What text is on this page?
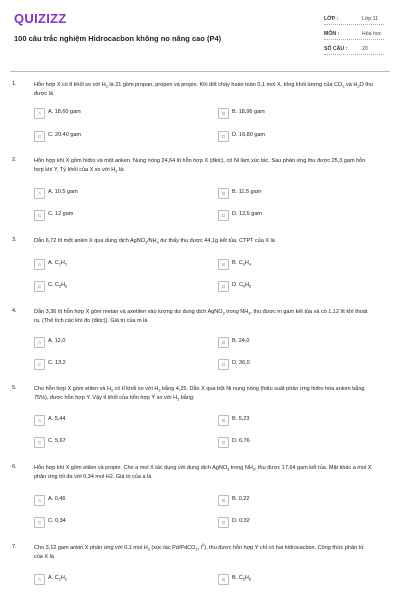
QUIZIZZ
100 câu trắc nghiệm Hidrocacbon không no nâng cao (P4)
LỚP :	Lớp 11
MÔN :	Hóa học
SỐ CÂU :	20
1.	Hỗn hợp X có tỉ khối so với $H_2$ là 21 gồm propan, propen và propin. Khi đốt cháy hoàn toàn 0,1 mol X, tổng khối lượng của $CO_2$ và $H_2O$ thu được là
A	A. 18,60 gam	B	B. 18,96 gam
C	C. 20,40 gam	D	D. 16,80 gam
2.	Hỗn hợp khí X gồm hiđro và một anken. Nung nóng 24,64 lít hỗn hợp X (đktc), có Ni làm xúc tác. Sau phản ứng thu được 25,3 gam hỗn hợp khí Y. Tỷ khối của X so với $H_2$ là:
A	A. 10,5 gam	B	B. 11,5 gam
C	C. 12 gam	D	D. 12,5 gam
3.	Dẫn 6,72 lít một ankin X qua dung dịch $AgNO_3/NH_3$ dư thấy thu được 44,1g kết tủa. CTPT của X là
A	A. $C_2H_2$	B	B. $C_3H_4$
C	C. $C_5H_8$	D	D. $C_4H_6$
4.	Dẫn 3,36 lít hỗn hợp X gồm metan và axetilen vào lượng dư dung dịch AgNO$_3$ trong $NH_3$, thu được m gam kết tủa và có 1,12 lít khí thoát ra. (Thể tích các khí đo (đktc)). Giá trị của m là
A	A. 12,0	B	B. 24,0
C	C. 13,2	D	D. 36,0
5.	Cho hỗn hợp X gồm etilen và $H_2$ có tỉ khối so với $H_2$ bằng 4,25. Dẫn X qua bột Ni nung nóng (hiệu suất phản ứng hiđro hóa anken bằng 75%), được hỗn hợp Y. Vậy tỉ khối của hỗn hợp Y so với $H_2$ bằng:
A	A. 5,44	B	B. 5,23
C	C. 5,67	D	D. 6,76
6.	Hỗn hợp khí X gồm etilen và propin. Cho a mol X tác dụng với dung dịch AgNO$_3$ trong $NH_3$, thu được 17,64 gam kết tủa. Mặt khác a mol X phản ứng tối đa với 0,34 mol H2. Giá trị của a là
A	A. 0,46	B	B. 0,22
C	C. 0,34	D	D. 0,32
7.	Cho 3,12 gam ankin X phản ứng với 0,1 mol $H_2$ (xúc tác Pd/PdCO$_3$, $t^0$), thu được hỗn hợp Y chỉ có hai hiđrocacbon. Công thức phân tử của X là
A	A. $C_2H_2$	B	B. $C_5H_8$
